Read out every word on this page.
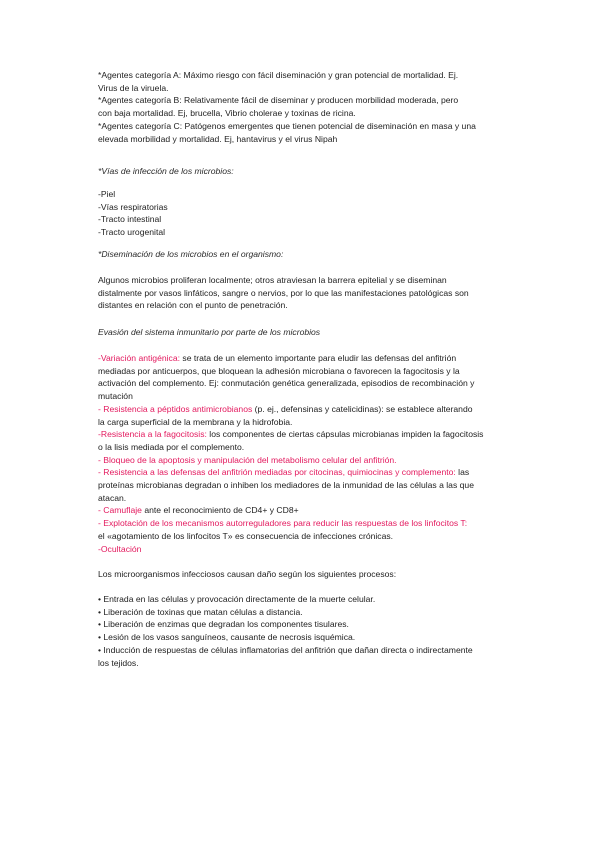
*Agentes categoría A: Máximo riesgo con fácil diseminación y gran potencial de mortalidad. Ej.
Virus de la viruela.
*Agentes categoría B: Relativamente fácil de diseminar y producen morbilidad moderada, pero
con baja mortalidad. Ej, brucella, Vibrio cholerae y toxinas de ricina.
*Agentes categoría C: Patógenos emergentes que tienen potencial de diseminación en masa y una
elevada morbilidad y mortalidad. Ej, hantavirus y el virus Nipah
*Vías de infección de los microbios:
-Piel
-Vías respiratorias
-Tracto intestinal
-Tracto urogenital
*Diseminación de los microbios en el organismo:
Algunos microbios proliferan localmente; otros atraviesan la barrera epitelial y se diseminan
distalmente por vasos linfáticos, sangre o nervios, por lo que las manifestaciones patológicas son
distantes en relación con el punto de penetración.
Evasión del sistema inmunitario por parte de los microbios
-Variación antigénica: se trata de un elemento importante para eludir las defensas del anfitrión
mediadas por anticuerpos, que bloquean la adhesión microbiana o favorecen la fagocitosis y la
activación del complemento. Ej: conmutación genética generalizada, episodios de recombinación y
mutación
- Resistencia a péptidos antimicrobianos (p. ej., defensinas y catelicidinas): se establece alterando
la carga superficial de la membrana y la hidrofobia.
-Resistencia a la fagocitosis: los componentes de ciertas cápsulas microbianas impiden la fagocitosis
o la lisis mediada por el complemento.
- Bloqueo de la apoptosis y manipulación del metabolismo celular del anfitrión.
- Resistencia a las defensas del anfitrión mediadas por citocinas, quimiocinas y complemento: las
proteínas microbianas degradan o inhiben los mediadores de la inmunidad de las células a las que
atacan.
- Camuflaje ante el reconocimiento de CD4+ y CD8+
- Explotación de los mecanismos autorreguladores para reducir las respuestas de los linfocitos T:
el «agotamiento de los linfocitos T» es consecuencia de infecciones crónicas.
-Ocultación
Los microorganismos infecciosos causan daño según los siguientes procesos:
• Entrada en las células y provocación directamente de la muerte celular.
• Liberación de toxinas que matan células a distancia.
• Liberación de enzimas que degradan los componentes tisulares.
• Lesión de los vasos sanguíneos, causante de necrosis isquémica.
• Inducción de respuestas de células inflamatorias del anfitrión que dañan directa o indirectamente
los tejidos.
